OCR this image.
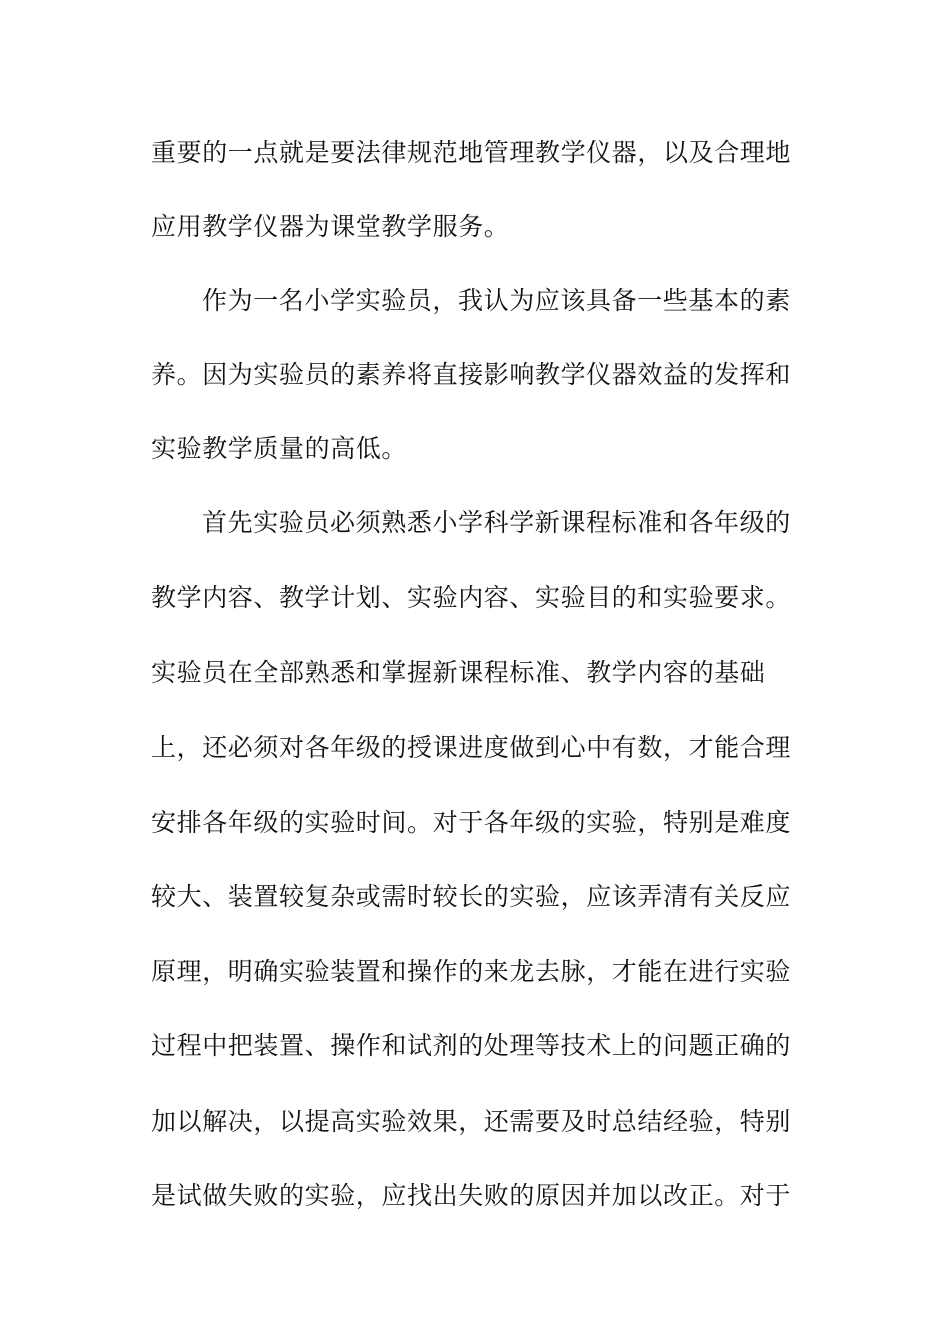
重要的一点就是要法律规范地管理教学仪器，以及合理地
应用教学仪器为课堂教学服务。
作为一名小学实验员，我认为应该具备一些基本的素
养。因为实验员的素养将直接影响教学仪器效益的发挥和
实验教学质量的高低。
首先实验员必须熟悉小学科学新课程标准和各年级的
教学内容、教学计划、实验内容、实验目的和实验要求。
实验员在全部熟悉和掌握新课程标准、教学内容的基础
上，还必须对各年级的授课进度做到心中有数，才能合理
安排各年级的实验时间。对于各年级的实验，特别是难度
较大、装置较复杂或需时较长的实验，应该弄清有关反应
原理，明确实验装置和操作的来龙去脉，才能在进行实验
过程中把装置、操作和试剂的处理等技术上的问题正确的
加以解决，以提高实验效果，还需要及时总结经验，特别
是试做失败的实验，应找出失败的原因并加以改正。对于
